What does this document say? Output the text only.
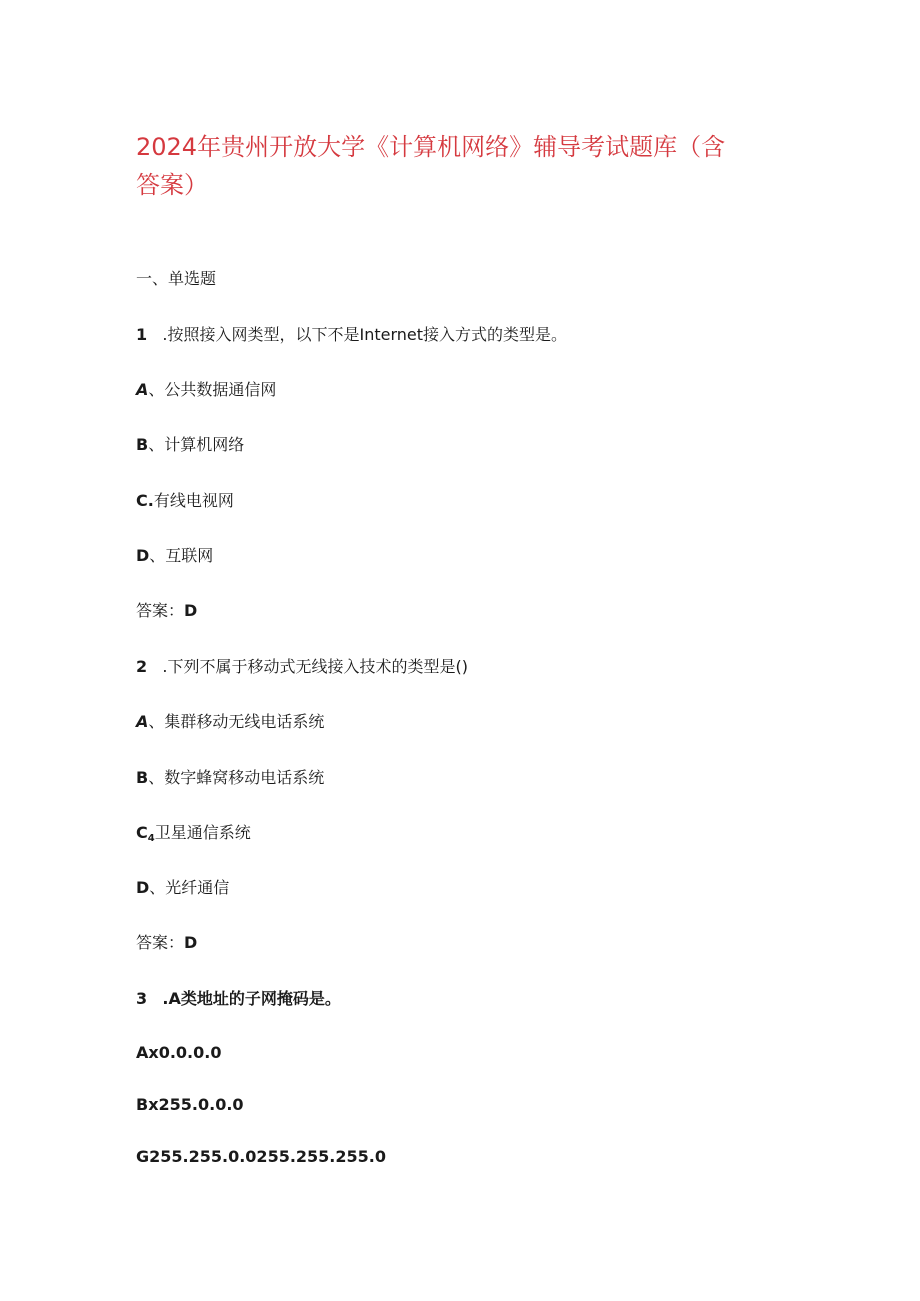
2024年贵州开放大学《计算机网络》辅导考试题库（含答案）

一、单选题

1 .按照接入网类型，以下不是Internet接入方式的类型是。

A、公共数据通信网

B、计算机网络

C.有线电视网

D、互联网

答案：D

2 .下列不属于移动式无线接入技术的类型是()

A、集群移动无线电话系统

B、数字蜂窝移动电话系统

C4卫星通信系统

D、光纤通信

答案：D

3 .A类地址的子网掩码是。

Ax0.0.0.0

Bx255.0.0.0

G255.255.0.0255.255.255.0
